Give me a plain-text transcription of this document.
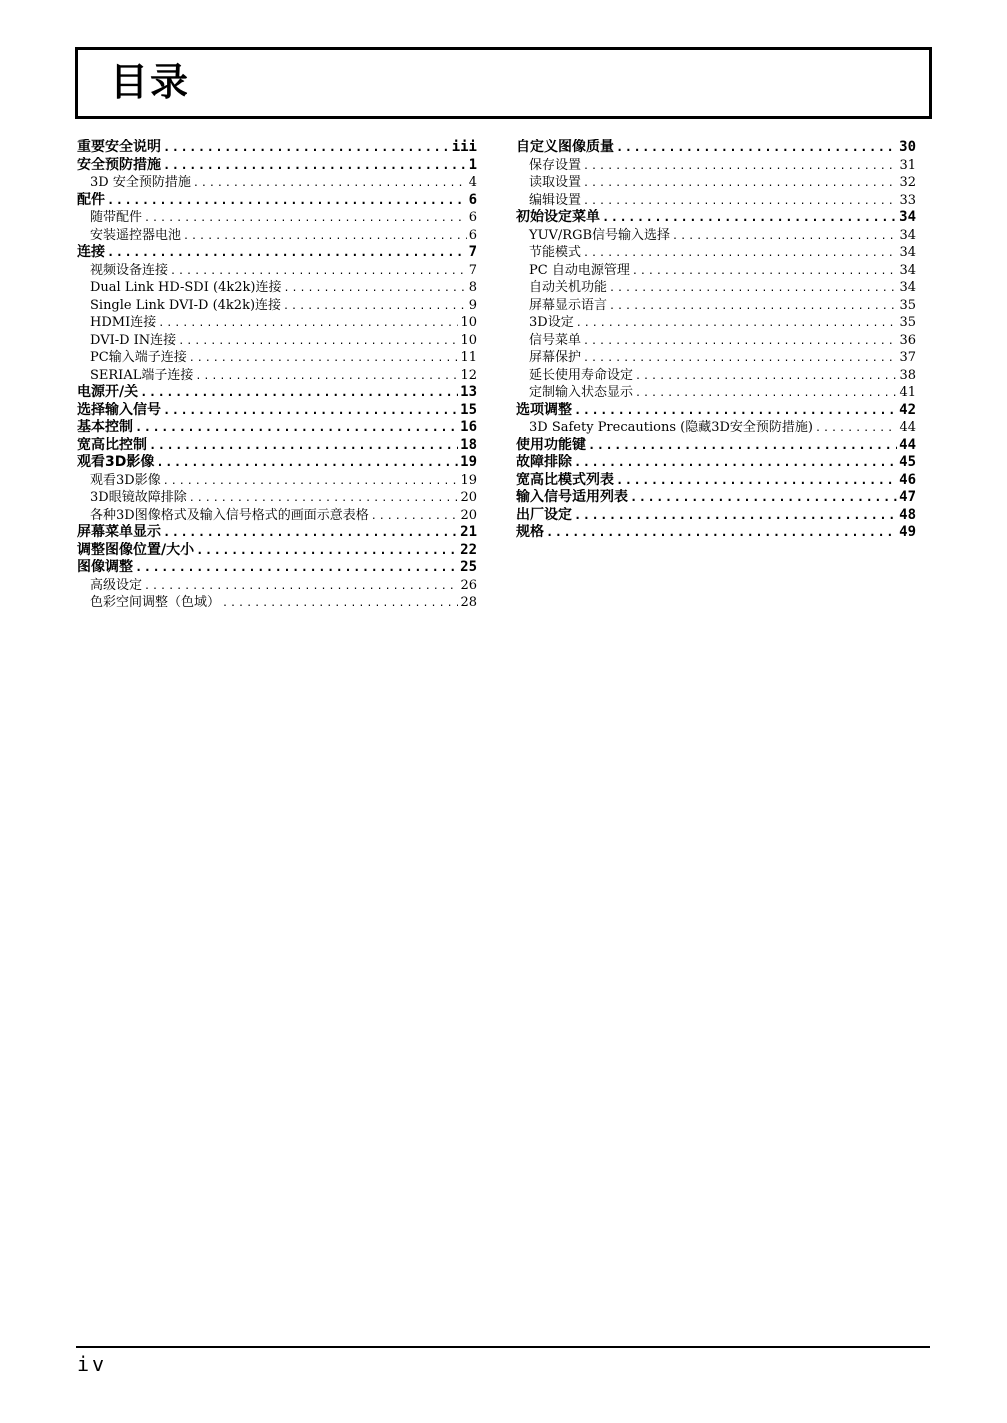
目录
重要安全说明 .....	iii
安全预防措施 .....	1
3D 安全预防措施 .....	4
配件 .....	6
随带配件 .....	6
安装遥控器电池 .....	6
连接 .....	7
视频设备连接 .....	7
Dual Link HD-SDI (4k2k)连接 .....	8
Single Link DVI-D (4k2k)连接 .....	9
HDMI连接 .....	10
DVI-D IN连接 .....	10
PC输入端子连接 .....	11
SERIAL端子连接 .....	12
电源开/关 .....	13
选择输入信号 .....	15
基本控制 .....	16
宽高比控制 .....	18
观看3D影像 .....	19
观看3D影像 .....	19
3D眼镜故障排除 .....	20
各种3D图像格式及输入信号格式的画面示意表格 .....	20
屏幕菜单显示 .....	21
调整图像位置/大小 .....	22
图像调整 .....	25
高级设定 .....	26
色彩空间调整（色域） .....	28
自定义图像质量 .....	30
保存设置 .....	31
读取设置 .....	32
编辑设置 .....	33
初始设定菜单 .....	34
YUV/RGB信号输入选择 .....	34
节能模式 .....	34
PC 自动电源管理 .....	34
自动关机功能 .....	34
屏幕显示语言 .....	35
3D设定 .....	35
信号菜单 .....	36
屏幕保护 .....	37
延长使用寿命设定 .....	38
定制输入状态显示 .....	41
选项调整 .....	42
3D Safety Precautions (隐藏3D安全预防措施) .....	44
使用功能键 .....	44
故障排除 .....	45
宽高比模式列表 .....	46
输入信号适用列表 .....	47
出厂设定 .....	48
规格 .....	49
iv
